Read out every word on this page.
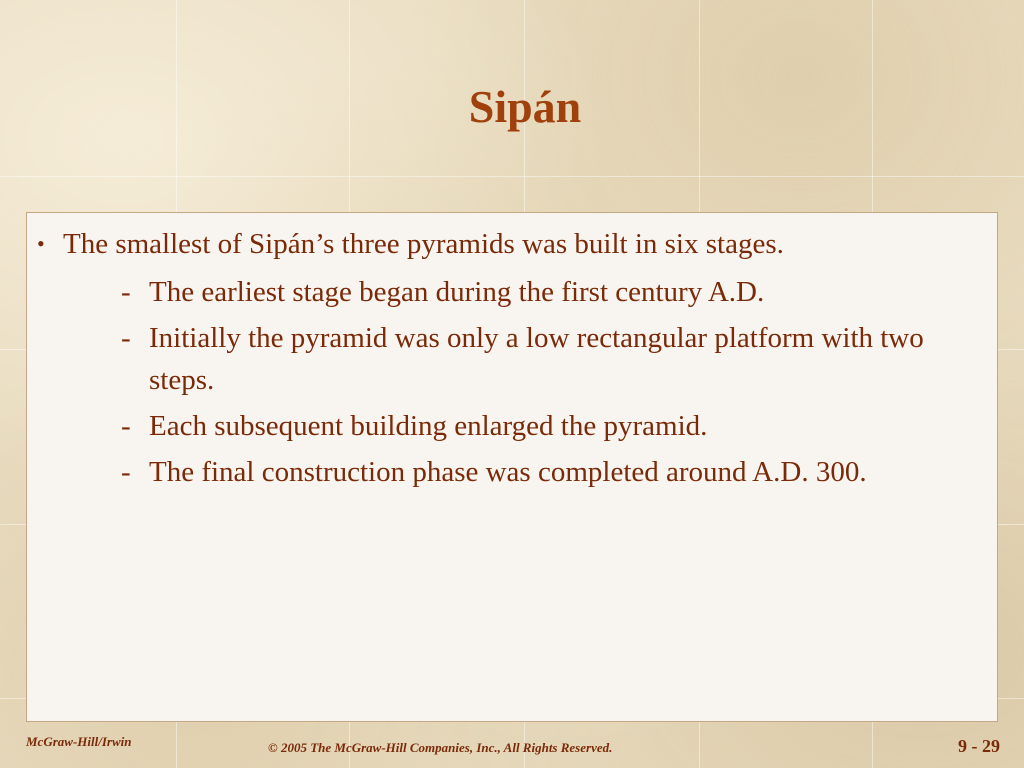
Sipán
• The smallest of Sipán’s three pyramids was built in six stages.
- The earliest stage began during the first century A.D.
- Initially the pyramid was only a low rectangular platform with two steps.
- Each subsequent building enlarged the pyramid.
- The final construction phase was completed around A.D. 300.
McGraw-Hill/Irwin	© 2005 The McGraw-Hill Companies, Inc., All Rights Reserved.	9 - 29
